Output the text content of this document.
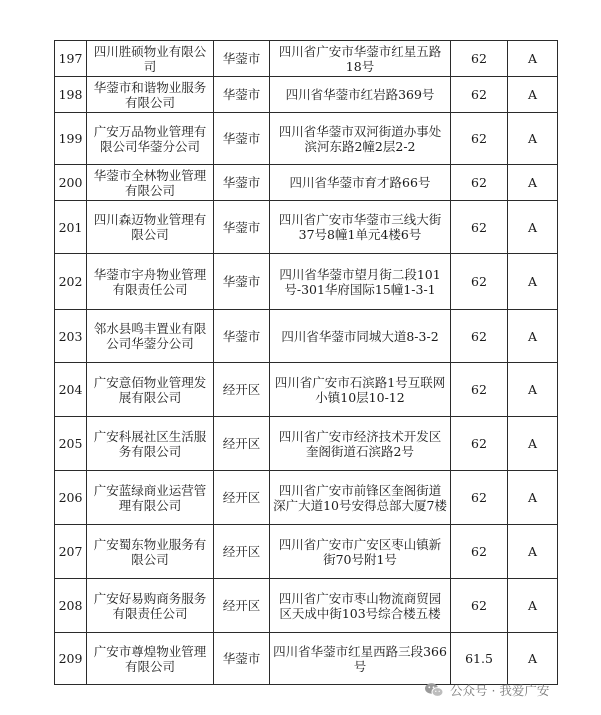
197	四川胜硕物业有限公司	华蓥市	四川省广安市华蓥市红星五路18号	62	A
198	华蓥市和谐物业服务有限公司	华蓥市	四川省华蓥市红岩路369号	62	A
199	广安万品物业管理有限公司华蓥分公司	华蓥市	四川省华蓥市双河街道办事处滨河东路2幢2层2-2	62	A
200	华蓥市全林物业管理有限公司	华蓥市	四川省华蓥市育才路66号	62	A
201	四川森迈物业管理有限公司	华蓥市	四川省广安市华蓥市三线大街37号8幢1单元4楼6号	62	A
202	华蓥市宇舟物业管理有限责任公司	华蓥市	四川省华蓥市望月街二段101号-301华府国际15幢1-3-1	62	A
203	邻水县鸣丰置业有限公司华蓥分公司	华蓥市	四川省华蓥市同城大道8-3-2	62	A
204	广安意佰物业管理发展有限公司	经开区	四川省广安市石滨路1号互联网小镇10层10-12	62	A
205	广安科展社区生活服务有限公司	经开区	四川省广安市经济技术开发区奎阁街道石滨路2号	62	A
206	广安蓝绿商业运营管理有限公司	经开区	四川省广安市前锋区奎阁街道深广大道10号安得总部大厦7楼	62	A
207	广安蜀东物业服务有限公司	经开区	四川省广安市广安区枣山镇新街70号附1号	62	A
208	广安好易购商务服务有限责任公司	经开区	四川省广安市枣山物流商贸园区天成中街103号综合楼五楼	62	A
209	广安市尊煌物业管理有限公司	华蓥市	四川省华蓥市红星西路三段366号	61.5	A
公众号 · 我爱广安
